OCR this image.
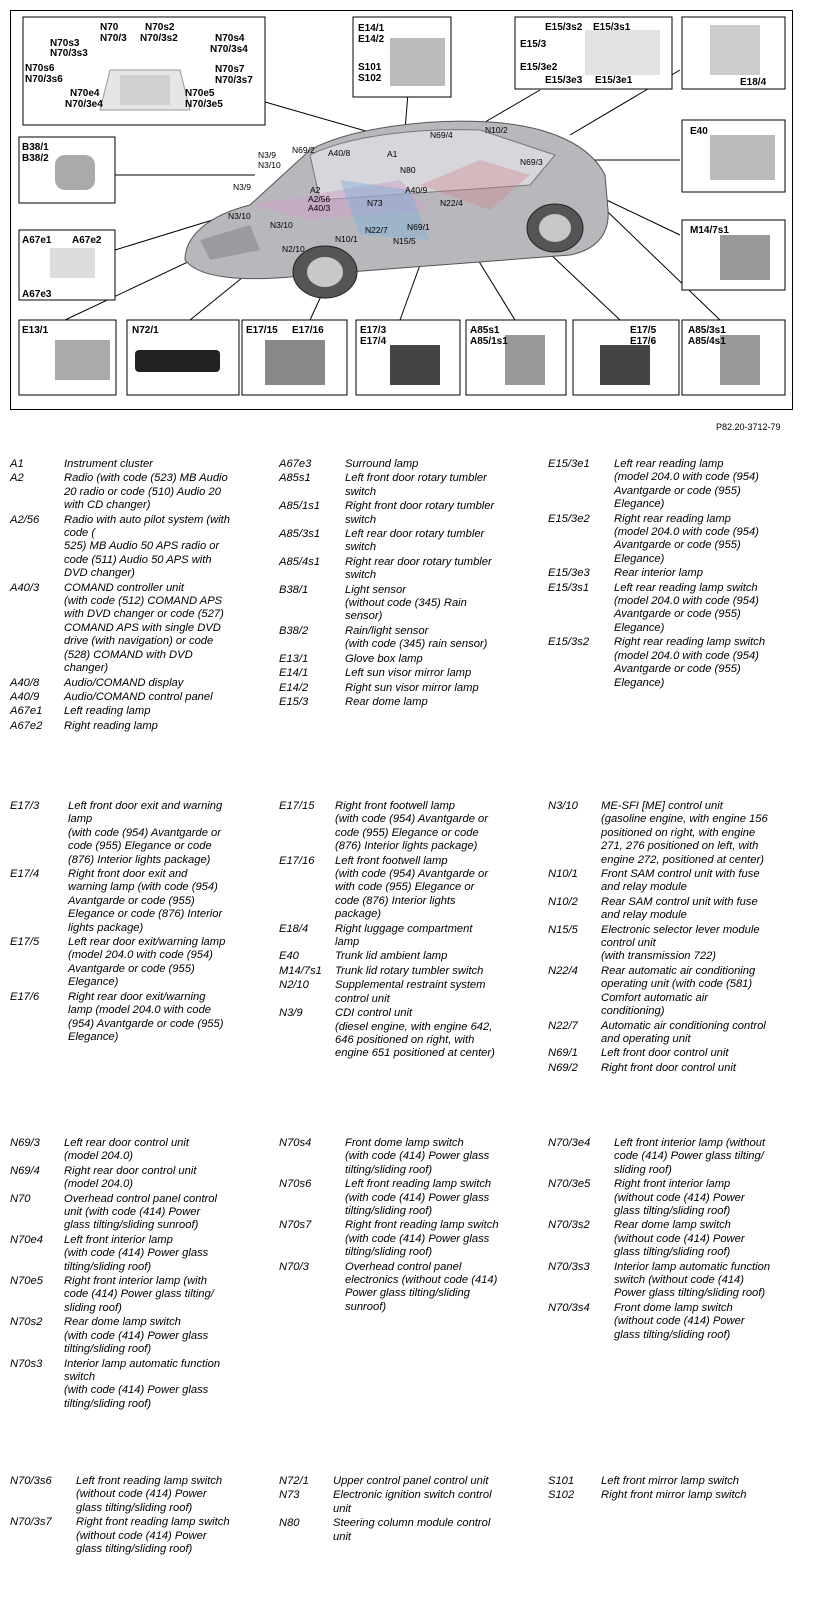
N70
N70/3
N70s2
N70/3s2
N70s3
N70/3s3
N70s4
N70/3s4
N70s6
N70/3s6
N70s7
N70/3s7
N70e4
N70/3e4
N70e5
N70/3e5
E14/1
E14/2
S101
S102
E15/3s2 E15/3s1
E15/3
E15/3e2
E15/3e3 E15/3e1	E18/4
B38/1
B38/2
E40
A67e1 A67e2
A67e3
M14/7s1
E13/1	N72/1	E17/15 E17/16	E17/3
E17/4
A85s1
A85/1s1
E17/5
E17/6
A85/3s1
A85/4s1
N3/9
N3/10
N69/2 A40/8	A1
N80
A2
A2/56
A40/3	N73
A40/9
N69/4	N10/2
N69/3
N22/4
N3/9
N3/10
N3/10	N22/7 N69/1
N15/5
N2/10
N10/1
P82.20-3712-79
A1	Instrument cluster
A2	Radio (with code (523) MB Audio
20 radio or code (510) Audio 20
with CD changer)
A2/56	Radio with auto pilot system (with
code (
525) MB Audio 50 APS radio or
code (511) Audio 50 APS with
DVD changer)
A40/3	COMAND controller unit
(with code (512) COMAND APS
with DVD changer or code (527)
COMAND APS with single DVD
drive (with navigation) or code
(528) COMAND with DVD
changer)
A40/8	Audio/COMAND display
A40/9	Audio/COMAND control panel
A67e1	Left reading lamp
A67e2	Right reading lamp
A67e3	Surround lamp
A85s1	Left front door rotary tumbler
switch
A85/1s1	Right front door rotary tumbler
switch
A85/3s1	Left rear door rotary tumbler
switch
A85/4s1	Right rear door rotary tumbler
switch
B38/1	Light sensor
(without code (345) Rain
sensor)
B38/2	Rain/light sensor
(with code (345) rain sensor)
E13/1	Glove box lamp
E14/1	Left sun visor mirror lamp
E14/2	Right sun visor mirror lamp
E15/3	Rear dome lamp
E15/3e1	Left rear reading lamp
(model 204.0 with code (954)
Avantgarde or code (955)
Elegance)
E15/3e2	Right rear reading lamp
(model 204.0 with code (954)
Avantgarde or code (955)
Elegance)
E15/3e3	Rear interior lamp
E15/3s1	Left rear reading lamp switch
(model 204.0 with code (954)
Avantgarde or code (955)
Elegance)
E15/3s2	Right rear reading lamp switch
(model 204.0 with code (954)
Avantgarde or code (955)
Elegance)
E17/3	Left front door exit and warning
lamp
(with code (954) Avantgarde or
code (955) Elegance or code
(876) Interior lights package)
E17/4	Right front door exit and
warning lamp (with code (954)
Avantgarde or code (955)
Elegance or code (876) Interior
lights package)
E17/5	Left rear door exit/warning lamp
(model 204.0 with code (954)
Avantgarde or code (955)
Elegance)
E17/6	Right rear door exit/warning
lamp (model 204.0 with code
(954) Avantgarde or code (955)
Elegance)
E17/15	Right front footwell lamp
(with code (954) Avantgarde or
code (955) Elegance or code
(876) Interior lights package)
E17/16	Left front footwell lamp
(with code (954) Avantgarde or
with code (955) Elegance or
code (876) Interior lights
package)
E18/4	Right luggage compartment
lamp
E40	Trunk lid ambient lamp
M14/7s1	Trunk lid rotary tumbler switch
N2/10	Supplemental restraint system
control unit
N3/9	CDI control unit
(diesel engine, with engine 642,
646 positioned on right, with
engine 651 positioned at center)
N3/10	ME-SFI [ME] control unit
(gasoline engine, with engine 156
positioned on right, with engine
271, 276 positioned on left, with
engine 272, positioned at center)
N10/1	Front SAM control unit with fuse
and relay module
N10/2	Rear SAM control unit with fuse
and relay module
N15/5	Electronic selector lever module
control unit
(with transmission 722)
N22/4	Rear automatic air conditioning
operating unit (with code (581)
Comfort automatic air
conditioning)
N22/7	Automatic air conditioning control
and operating unit
N69/1	Left front door control unit
N69/2	Right front door control unit
N69/3	Left rear door control unit
(model 204.0)
N69/4	Right rear door control unit
(model 204.0)
N70	Overhead control panel control
unit (with code (414) Power
glass tilting/sliding sunroof)
N70e4	Left front interior lamp
(with code (414) Power glass
tilting/sliding roof)
N70e5	Right front interior lamp (with
code (414) Power glass tilting/
sliding roof)
N70s2	Rear dome lamp switch
(with code (414) Power glass
tilting/sliding roof)
N70s3	Interior lamp automatic function
switch
(with code (414) Power glass
tilting/sliding roof)
N70s4	Front dome lamp switch
(with code (414) Power glass
tilting/sliding roof)
N70s6	Left front reading lamp switch
(with code (414) Power glass
tilting/sliding roof)
N70s7	Right front reading lamp switch
(with code (414) Power glass
tilting/sliding roof)
N70/3	Overhead control panel
electronics (without code (414)
Power glass tilting/sliding
sunroof)
N70/3e4	Left front interior lamp (without
code (414) Power glass tilting/
sliding roof)
N70/3e5	Right front interior lamp
(without code (414) Power
glass tilting/sliding roof)
N70/3s2	Rear dome lamp switch
(without code (414) Power
glass tilting/sliding roof)
N70/3s3	Interior lamp automatic function
switch (without code (414)
Power glass tilting/sliding roof)
N70/3s4	Front dome lamp switch
(without code (414) Power
glass tilting/sliding roof)
N70/3s6	Left front reading lamp switch
(without code (414) Power
glass tilting/sliding roof)
N70/3s7	Right front reading lamp switch
(without code (414) Power
glass tilting/sliding roof)
N72/1	Upper control panel control unit
N73	Electronic ignition switch control
unit
N80	Steering column module control
unit
S101	Left front mirror lamp switch
S102	Right front mirror lamp switch
